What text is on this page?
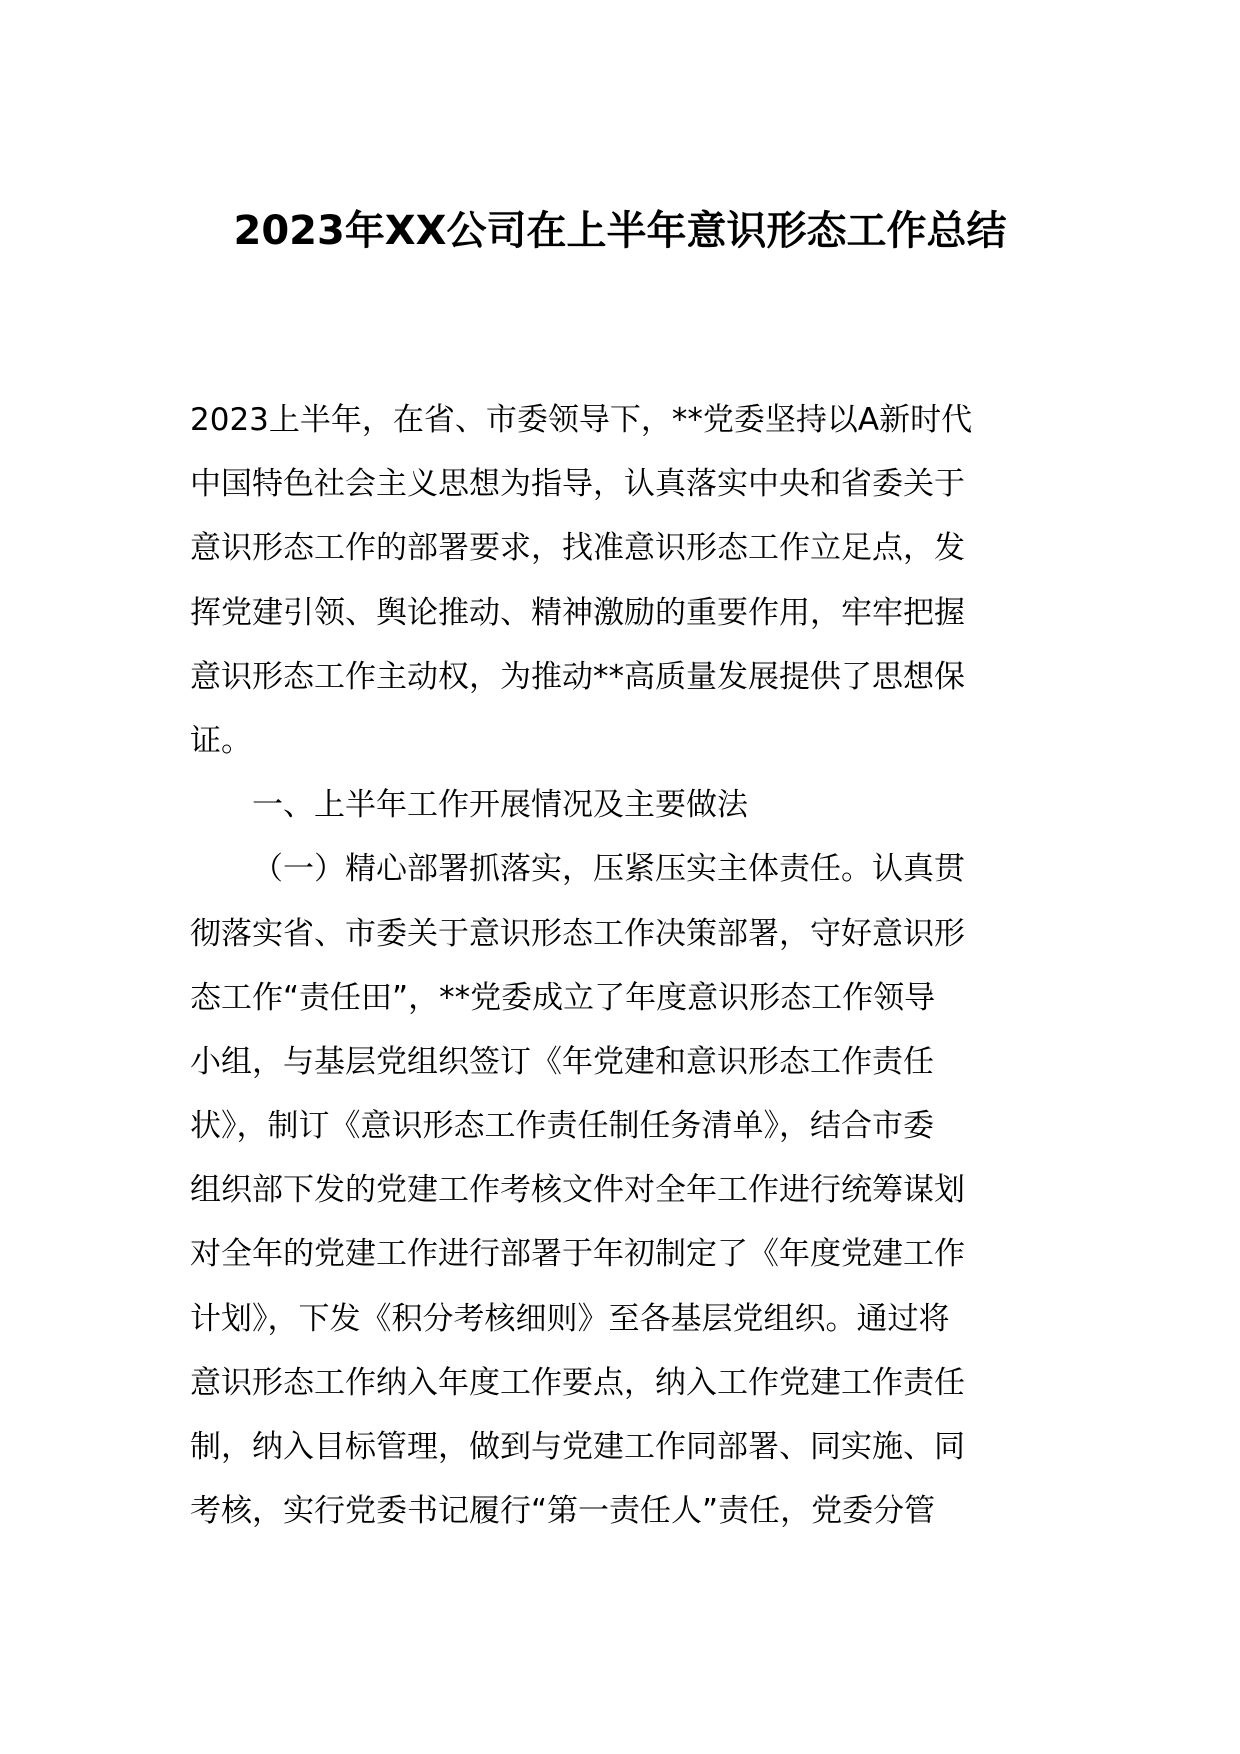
2023年XX公司在上半年意识形态工作总结
2023上半年，在省、市委领导下，**党委坚持以A新时代
中国特色社会主义思想为指导，认真落实中央和省委关于
意识形态工作的部署要求，找准意识形态工作立足点，发
挥党建引领、舆论推动、精神激励的重要作用，牢牢把握
意识形态工作主动权，为推动**高质量发展提供了思想保
证。
一、上半年工作开展情况及主要做法
（一）精心部署抓落实，压紧压实主体责任。认真贯
彻落实省、市委关于意识形态工作决策部署，守好意识形
态工作“责任田”，**党委成立了年度意识形态工作领导
小组，与基层党组织签订《年党建和意识形态工作责任
状》，制订《意识形态工作责任制任务清单》，结合市委
组织部下发的党建工作考核文件对全年工作进行统筹谋划
对全年的党建工作进行部署于年初制定了《年度党建工作
计划》，下发《积分考核细则》至各基层党组织。通过将
意识形态工作纳入年度工作要点，纳入工作党建工作责任
制，纳入目标管理，做到与党建工作同部署、同实施、同
考核，实行党委书记履行“第一责任人”责任，党委分管
